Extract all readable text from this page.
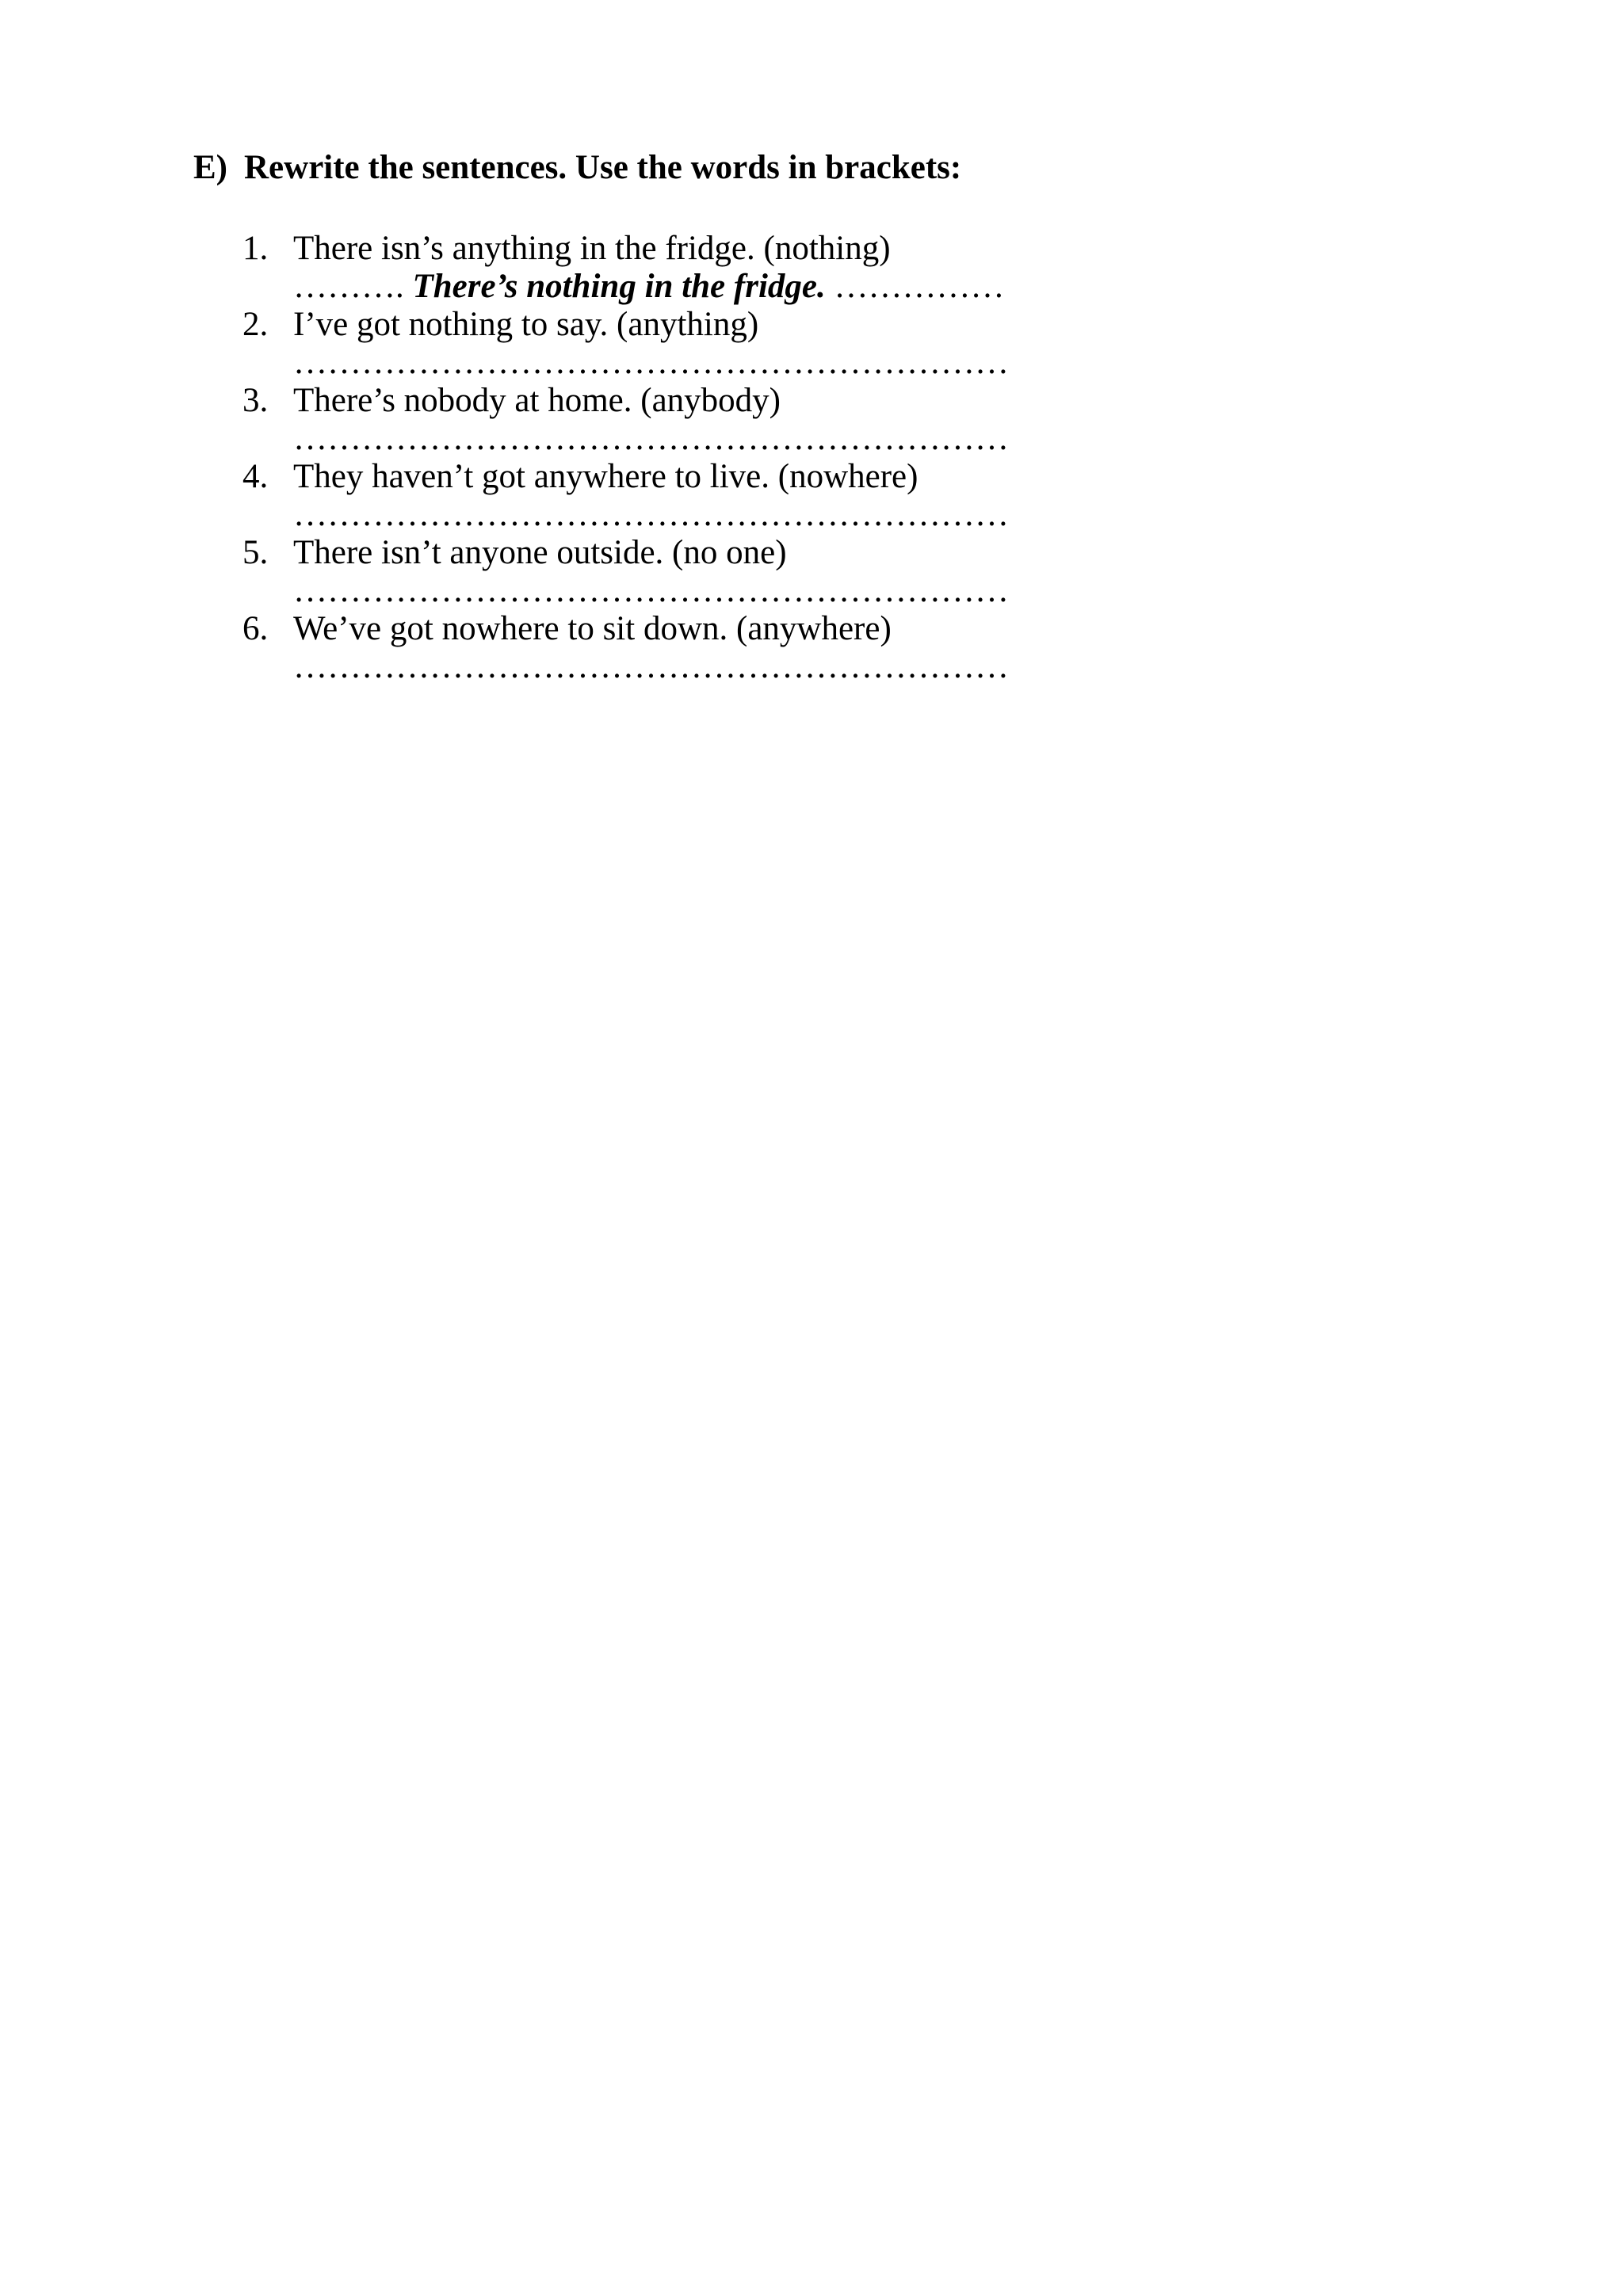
E) Rewrite the sentences. Use the words in brackets:
1. There isn’s anything in the fridge. (nothing)
………. There’s nothing in the fridge. ……………
2. I’ve got nothing to say. (anything)
………………………………………………………
3. There’s nobody at home. (anybody)
………………………………………………………
4. They haven’t got anywhere to live. (nowhere)
………………………………………………………
5. There isn’t anyone outside. (no one)
………………………………………………………
6. We’ve got nowhere to sit down. (anywhere)
………………………………………………………
